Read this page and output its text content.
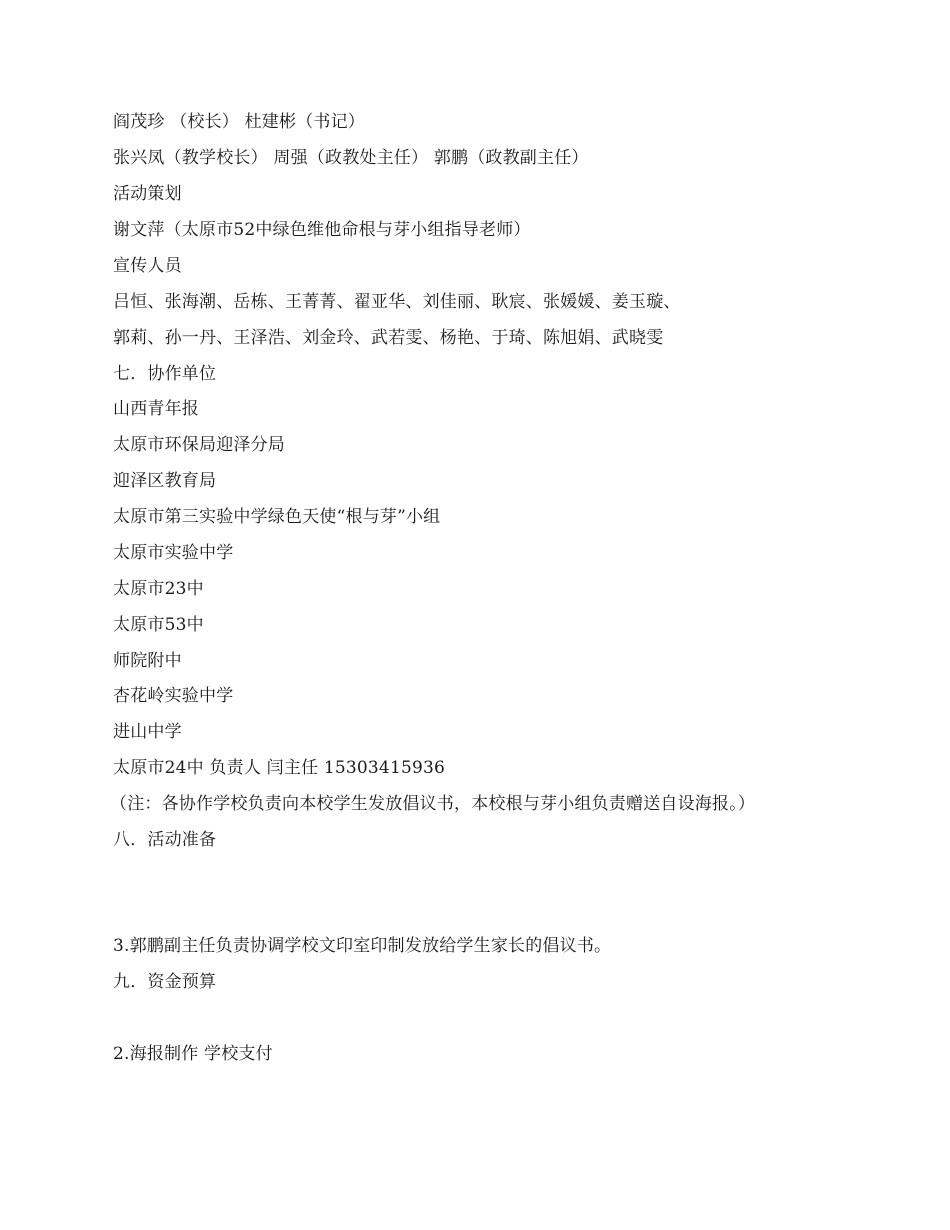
阎茂珍 （校长） 杜建彬（书记）
张兴凤（教学校长） 周强（政教处主任） 郭鹏（政教副主任）
活动策划
谢文萍（太原市52中绿色维他命根与芽小组指导老师）
宣传人员
吕恒、张海潮、岳栋、王菁菁、翟亚华、刘佳丽、耿宸、张媛媛、姜玉璇、
郭莉、孙一丹、王泽浩、刘金玲、武若雯、杨艳、于琦、陈旭娟、武晓雯
七．协作单位
山西青年报
太原市环保局迎泽分局
迎泽区教育局
太原市第三实验中学绿色天使“根与芽”小组
太原市实验中学
太原市23中
太原市53中
师院附中
杏花岭实验中学
进山中学
太原市24中 负责人 闫主任 15303415936
（注：各协作学校负责向本校学生发放倡议书，本校根与芽小组负责赠送自设海报。）
八．活动准备
3.郭鹏副主任负责协调学校文印室印制发放给学生家长的倡议书。
九．资金预算
2.海报制作 学校支付
